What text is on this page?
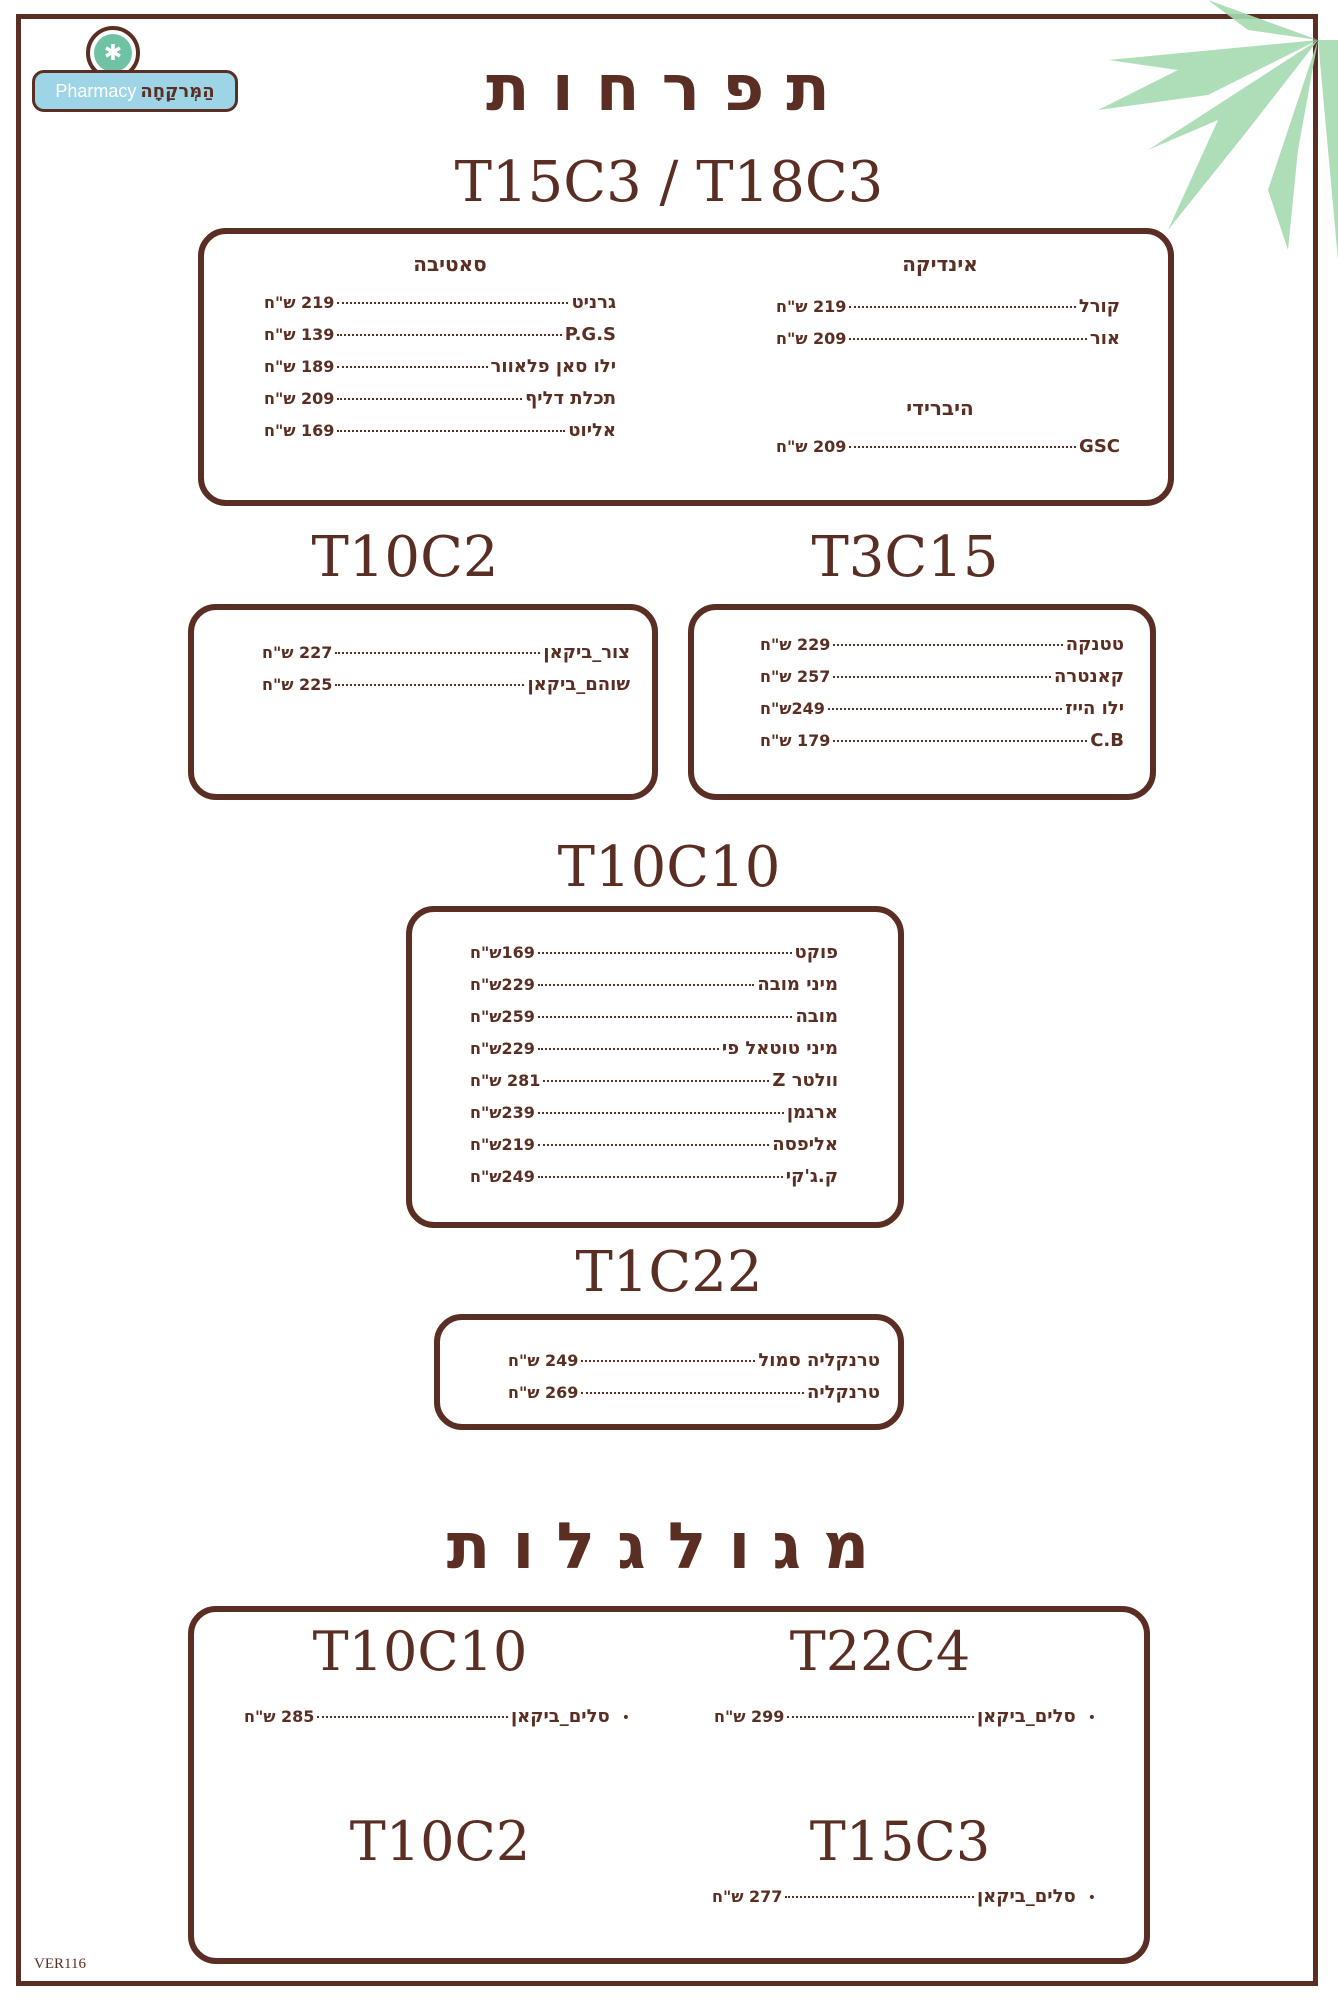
✱
Pharmacy הַמְּרקַחָה	תפרחות
T15C3 / T18C3
סאטיבה
גרניט
219 ש"ח
P.G.S
139 ש"ח
ילו סאן פלאוור
189 ש"ח
תכלת דליף
209 ש"ח
אליוט
169 ש"ח
אינדיקה
קורל
219 ש"ח
אור
209 ש"ח
היברידי
GSC
209 ש"ח
T10C2
צור_ביקאן
227 ש"ח
שוהם_ביקאן
225 ש"ח
T3C15
טטנקה
229 ש"ח
קאנטרה
257 ש"ח
ילו הייז
249ש"ח
C.B
179 ש"ח
T10C10
פוקט
169ש"ח
מיני מובה
229ש"ח
מובה
259ש"ח
מיני טוטאל פי
229ש"ח
וולטר Z
281 ש"ח
ארגמן
239ש"ח
אליפסה
219ש"ח
ק.ג'קי
249ש"ח
T1C22
טרנקליה סמול
249 ש"ח
טרנקליה
269 ש"ח
מגולגלות
T22C4
•
סלים_ביקאן
299 ש"ח
T10C10
•
סלים_ביקאן
285 ש"ח
T15C3
•
סלים_ביקאן
277 ש"ח
T10C2
VER116
